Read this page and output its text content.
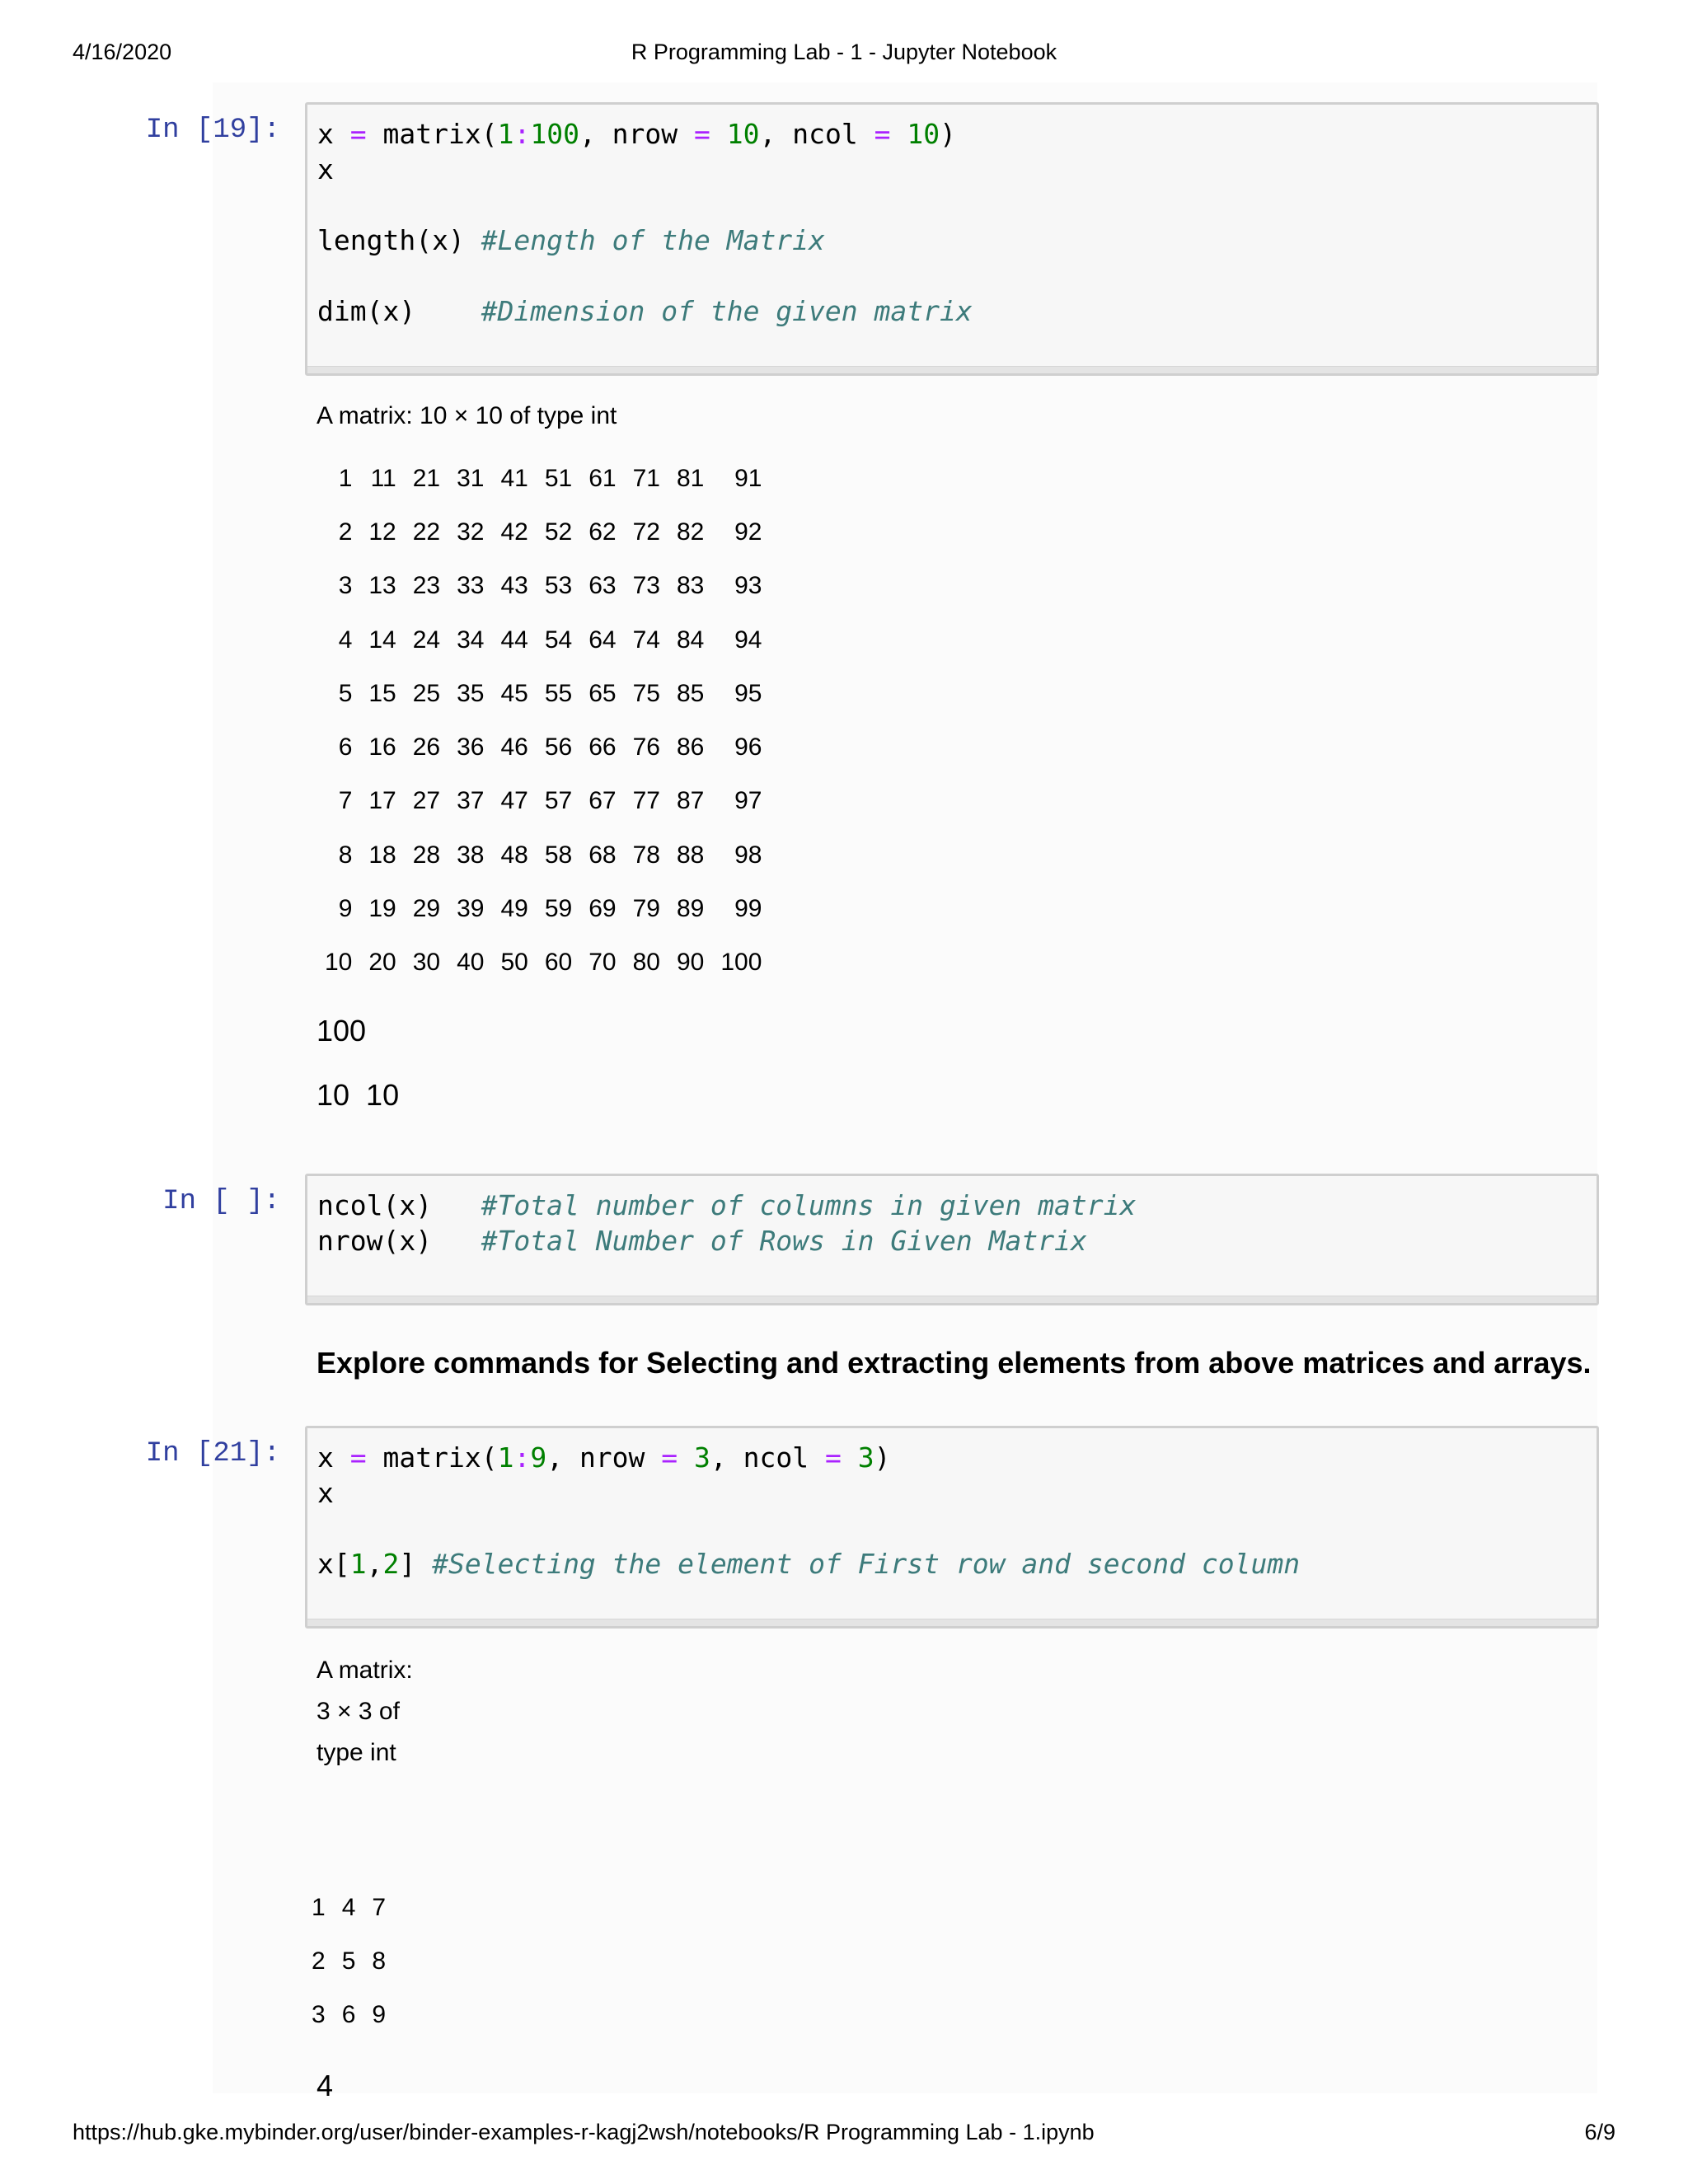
4/16/2020	R Programming Lab - 1 - Jupyter Notebook
In [19]:	x = matrix(1:100, nrow = 10, ncol = 10)
x
length(x) #Length of the Matrix
dim(x)    #Dimension of the given matrix
A matrix: 10 × 10 of type int
1	11	21	31	41	51	61	71	81	91
2	12	22	32	42	52	62	72	82	92
3	13	23	33	43	53	63	73	83	93
4	14	24	34	44	54	64	74	84	94
5	15	25	35	45	55	65	75	85	95
6	16	26	36	46	56	66	76	86	96
7	17	27	37	47	57	67	77	87	97
8	18	28	38	48	58	68	78	88	98
9	19	29	39	49	59	69	79	89	99
10	20	30	40	50	60	70	80	90	100
100
10  10
In [ ]:	ncol(x)   #Total number of columns in given matrix
nrow(x)   #Total Number of Rows in Given Matrix
Explore commands for Selecting and extracting elements from above matrices and arrays.
In [21]:	x = matrix(1:9, nrow = 3, ncol = 3)
x
x[1,2] #Selecting the element of First row and second column
A matrix:
3 × 3 of
type int
1	4	7
2	5	8
3	6	9
4
https://hub.gke.mybinder.org/user/binder-examples-r-kagj2wsh/notebooks/R Programming Lab - 1.ipynb	6/9
